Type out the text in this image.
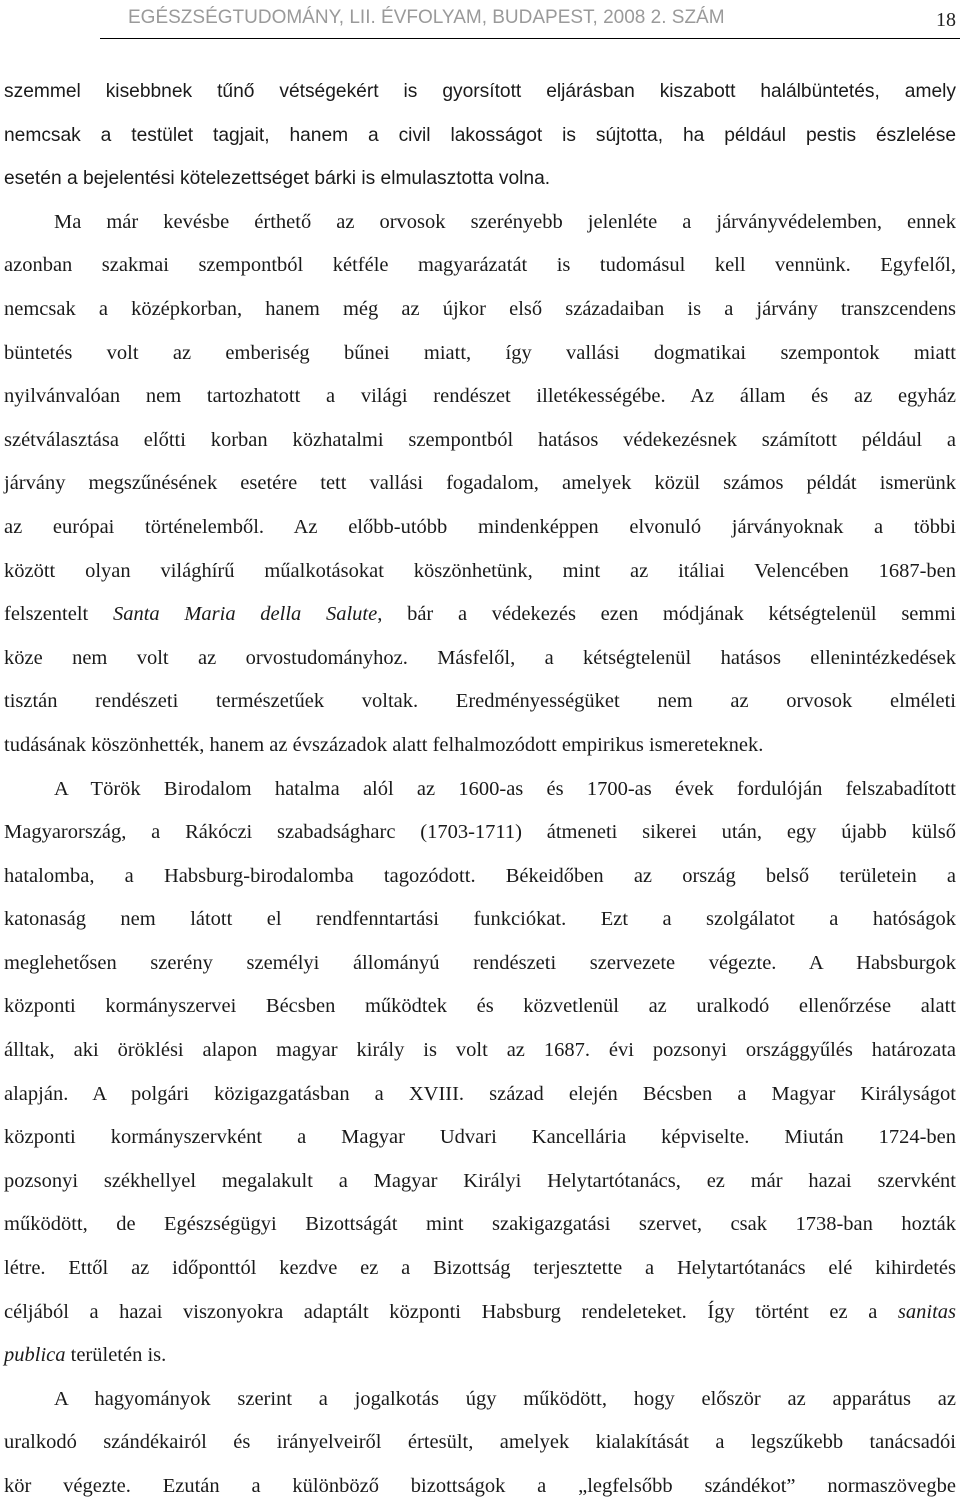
EGÉSZSÉGTUDOMÁNY, LII. ÉVFOLYAM, BUDAPEST, 2008 2. SZÁM	18
szemmel kisebbnek tűnő vétségekért is gyorsított eljárásban kiszabott halálbüntetés, amely
nemcsak a testület tagjait, hanem a civil lakosságot is sújtotta, ha például pestis észlelése
esetén a bejelentési kötelezettséget bárki is elmulasztotta volna.
Ma már kevésbe érthető az orvosok szerényebb jelenléte a járványvédelemben, ennek
azonban szakmai szempontból kétféle magyarázatát is tudomásul kell vennünk. Egyfelől,
nemcsak a középkorban, hanem még az újkor első századaiban is a járvány transzcendens
büntetés volt az emberiség bűnei miatt, így vallási dogmatikai szempontok miatt
nyilvánvalóan nem tartozhatott a világi rendészet illetékességébe. Az állam és az egyház
szétválasztása előtti korban közhatalmi szempontból hatásos védekezésnek számított például a
járvány megszűnésének esetére tett vallási fogadalom, amelyek közül számos példát ismerünk
az európai történelemből. Az előbb-utóbb mindenképpen elvonuló járványoknak a többi
között olyan világhírű műalkotásokat köszönhetünk, mint az itáliai Velencében 1687-ben
felszentelt Santa Maria della Salute, bár a védekezés ezen módjának kétségtelenül semmi
köze nem volt az orvostudományhoz. Másfelől, a kétségtelenül hatásos ellenintézkedések
tisztán rendészeti természetűek voltak. Eredményességüket nem az orvosok elméleti
tudásának köszönhették, hanem az évszázadok alatt felhalmozódott empirikus ismereteknek.
A Török Birodalom hatalma alól az 1600-as és 1700-as évek fordulóján felszabadított
Magyarország, a Rákóczi szabadságharc (1703-1711) átmeneti sikerei után, egy újabb külső
hatalomba, a Habsburg-birodalomba tagozódott. Békeidőben az ország belső területein a
katonaság nem látott el rendfenntartási funkciókat. Ezt a szolgálatot a hatóságok
meglehetősen szerény személyi állományú rendészeti szervezete végezte. A Habsburgok
központi kormányszervei Bécsben működtek és közvetlenül az uralkodó ellenőrzése alatt
álltak, aki öröklési alapon magyar király is volt az 1687. évi pozsonyi országgyűlés határozata
alapján. A polgári közigazgatásban a XVIII. század elején Bécsben a Magyar Királyságot
központi kormányszervként a Magyar Udvari Kancellária képviselte. Miután 1724-ben
pozsonyi székhellyel megalakult a Magyar Királyi Helytartótanács, ez már hazai szervként
működött, de Egészségügyi Bizottságát mint szakigazgatási szervet, csak 1738-ban hozták
létre. Ettől az időponttól kezdve ez a Bizottság terjesztette a Helytartótanács elé kihirdetés
céljából a hazai viszonyokra adaptált központi Habsburg rendeleteket. Így történt ez a sanitas
publica területén is.
A hagyományok szerint a jogalkotás úgy működött, hogy először az apparátus az
uralkodó szándékairól és irányelveiről értesült, amelyek kialakítását a legszűkebb tanácsadói
kör végezte. Ezután a különböző bizottságok a „legfelsőbb szándékot” normaszövegbe
